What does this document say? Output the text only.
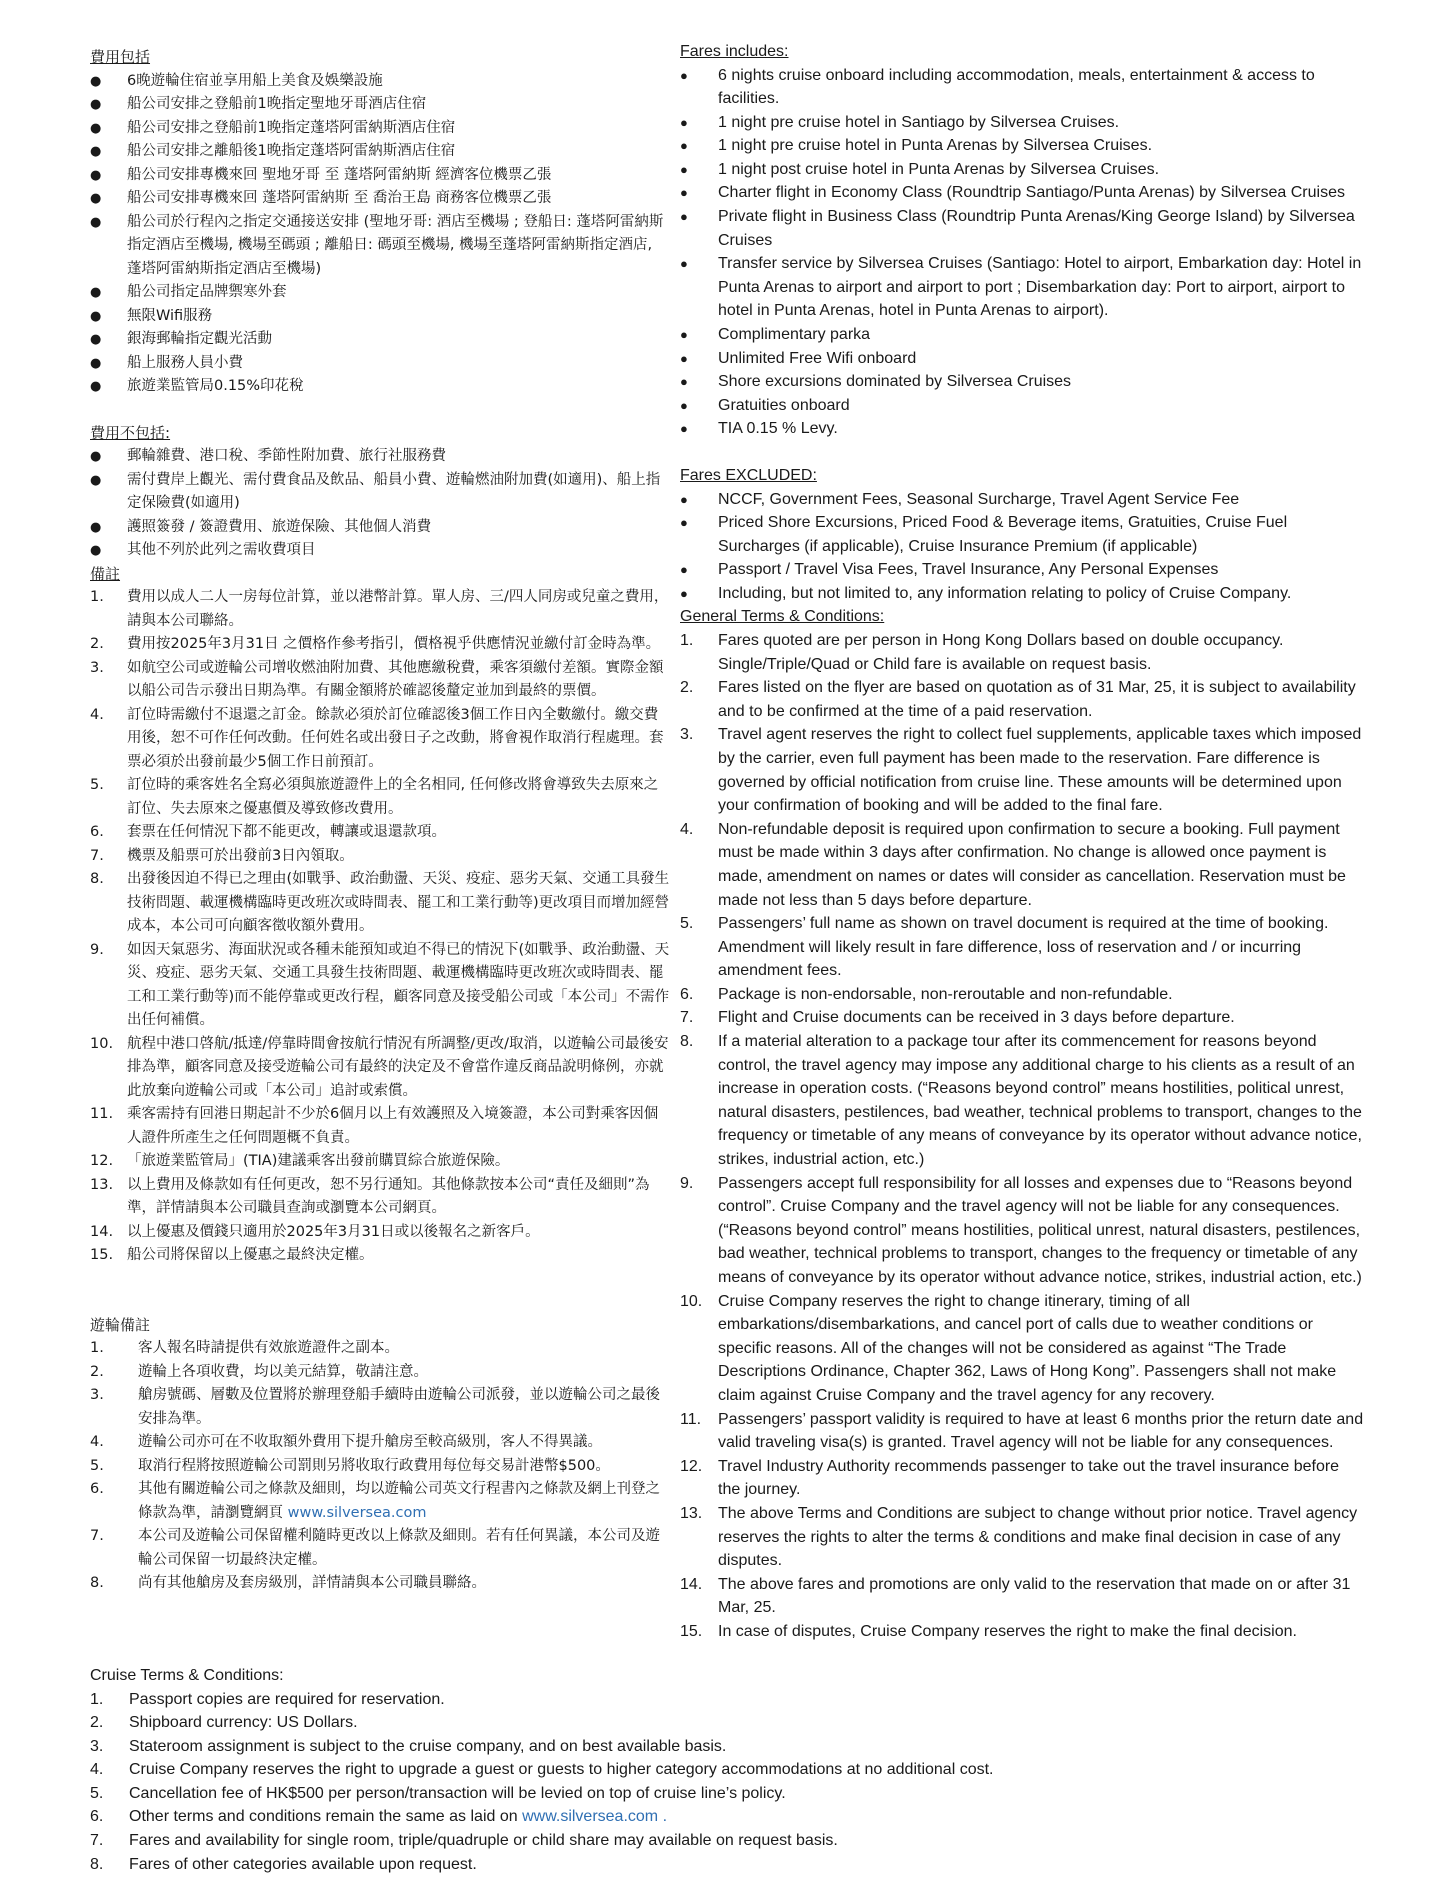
費用包括
●	6晚遊輪住宿並享用船上美食及娛樂設施
●	船公司安排之登船前1晚指定聖地牙哥酒店住宿
●	船公司安排之登船前1晚指定蓬塔阿雷納斯酒店住宿
●	船公司安排之離船後1晚指定蓬塔阿雷納斯酒店住宿
●	船公司安排專機來回 聖地牙哥 至 蓬塔阿雷納斯 經濟客位機票乙張
●	船公司安排專機來回 蓬塔阿雷納斯 至 喬治王島 商務客位機票乙張
●	船公司於行程內之指定交通接送安排 (聖地牙哥: 酒店至機場 ; 登船日: 蓬塔阿雷納斯指定酒店至機場, 機場至碼頭 ; 離船日: 碼頭至機場, 機場至蓬塔阿雷納斯指定酒店, 蓬塔阿雷納斯指定酒店至機場)
●	船公司指定品牌禦寒外套
●	無限Wifi服務
●	銀海郵輪指定觀光活動
●	船上服務人員小費
●	旅遊業監管局0.15%印花稅
費用不包括:
●	郵輪雜費、港口稅、季節性附加費、旅行社服務費
●	需付費岸上觀光、需付費食品及飲品、船員小費、遊輪燃油附加費(如適用)、船上指定保險費(如適用)
●	護照簽發 / 簽證費用、旅遊保險、其他個人消費
●	其他不列於此列之需收費項目
備註
1.	費用以成人二人一房每位計算，並以港幣計算。單人房、三/四人同房或兒童之費用，請與本公司聯絡。
2.	費用按2025年3月31日 之價格作參考指引，價格視乎供應情況並繳付訂金時為準。
3.	如航空公司或遊輪公司增收燃油附加費、其他應繳稅費，乘客須繳付差額。實際金額以船公司告示發出日期為準。有關金額將於確認後釐定並加到最終的票價。
4.	訂位時需繳付不退還之訂金。餘款必須於訂位確認後3個工作日內全數繳付。繳交費用後，恕不可作任何改動。任何姓名或出發日子之改動，將會視作取消行程處理。套票必須於出發前最少5個工作日前預訂。
5.	訂位時的乘客姓名全寫必須與旅遊證件上的全名相同, 任何修改將會導致失去原來之訂位、失去原來之優惠價及導致修改費用。
6.	套票在任何情況下都不能更改，轉讓或退還款項。
7.	機票及船票可於出發前3日內領取。
8.	出發後因迫不得已之理由(如戰爭、政治動盪、天災、疫症、惡劣天氣、交通工具發生技術問題、載運機構臨時更改班次或時間表、罷工和工業行動等)更改項目而增加經營成本，本公司可向顧客徵收額外費用。
9.	如因天氣惡劣、海面狀況或各種未能預知或迫不得已的情況下(如戰爭、政治動盪、天災、疫症、惡劣天氣、交通工具發生技術問題、載運機構臨時更改班次或時間表、罷工和工業行動等)而不能停靠或更改行程，顧客同意及接受船公司或「本公司」不需作出任何補償。
10. 航程中港口啓航/抵達/停靠時間會按航行情況有所調整/更改/取消，以遊輪公司最後安排為準，顧客同意及接受遊輪公司有最終的決定及不會當作違反商品說明條例，亦就此放棄向遊輪公司或「本公司」追討或索償。
11. 乘客需持有回港日期起計不少於6個月以上有效護照及入境簽證，本公司對乘客因個人證件所產生之任何問題概不負責。
12. 「旅遊業監管局」(TIA)建議乘客出發前購買綜合旅遊保險。
13. 以上費用及條款如有任何更改，恕不另行通知。其他條款按本公司“責任及細則”為準，詳情請與本公司職員查詢或瀏覽本公司網頁。
14. 以上優惠及價錢只適用於2025年3月31日或以後報名之新客戶。
15. 船公司將保留以上優惠之最終決定權。
遊輪備註
1.	客人報名時請提供有效旅遊證件之副本。
2.	遊輪上各項收費，均以美元結算，敬請注意。
3.	艙房號碼、層數及位置將於辦理登船手續時由遊輪公司派發，並以遊輪公司之最後安排為準。
4.	遊輪公司亦可在不收取額外費用下提升艙房至較高級別，客人不得異議。
5.	取消行程將按照遊輪公司罰則另將收取行政費用每位每交易計港幣$500。
6.	其他有關遊輪公司之條款及細則，均以遊輪公司英文行程書內之條款及網上刊登之條款為準，請瀏覽網頁 www.silversea.com
7.	本公司及遊輪公司保留權利隨時更改以上條款及細則。若有任何異議，本公司及遊輪公司保留一切最終決定權。
8.	尚有其他艙房及套房級別，詳情請與本公司職員聯絡。
Fares includes:
●	6 nights cruise onboard including accommodation, meals, entertainment & access to facilities.
●	1 night pre cruise hotel in Santiago by Silversea Cruises.
●	1 night pre cruise hotel in Punta Arenas by Silversea Cruises.
●	1 night post cruise hotel in Punta Arenas by Silversea Cruises.
●	Charter flight in Economy Class (Roundtrip Santiago/Punta Arenas) by Silversea Cruises
●	Private flight in Business Class (Roundtrip Punta Arenas/King George Island) by Silversea Cruises
●	Transfer service by Silversea Cruises (Santiago: Hotel to airport, Embarkation day: Hotel in Punta Arenas to airport and airport to port ; Disembarkation day: Port to airport, airport to hotel in Punta Arenas, hotel in Punta Arenas to airport).
●	Complimentary parka
●	Unlimited Free Wifi onboard
●	Shore excursions dominated by Silversea Cruises
●	Gratuities onboard
●	TIA 0.15 % Levy.
Fares EXCLUDED:
●	NCCF, Government Fees, Seasonal Surcharge, Travel Agent Service Fee
●	Priced Shore Excursions, Priced Food & Beverage items, Gratuities, Cruise Fuel Surcharges (if applicable), Cruise Insurance Premium (if applicable)
●	Passport / Travel Visa Fees, Travel Insurance, Any Personal Expenses
●	Including, but not limited to, any information relating to policy of Cruise Company.
General Terms & Conditions:
1.	Fares quoted are per person in Hong Kong Dollars based on double occupancy. Single/Triple/Quad or Child fare is available on request basis.
2.	Fares listed on the flyer are based on quotation as of 31 Mar, 25, it is subject to availability and to be confirmed at the time of a paid reservation.
3.	Travel agent reserves the right to collect fuel supplements, applicable taxes which imposed by the carrier, even full payment has been made to the reservation. Fare difference is governed by official notification from cruise line. These amounts will be determined upon your confirmation of booking and will be added to the final fare.
4.	Non-refundable deposit is required upon confirmation to secure a booking. Full payment must be made within 3 days after confirmation. No change is allowed once payment is made, amendment on names or dates will consider as cancellation. Reservation must be made not less than 5 days before departure.
5.	Passengers’ full name as shown on travel document is required at the time of booking. Amendment will likely result in fare difference, loss of reservation and / or incurring amendment fees.
6.	Package is non-endorsable, non-reroutable and non-refundable.
7.	Flight and Cruise documents can be received in 3 days before departure.
8.	If a material alteration to a package tour after its commencement for reasons beyond control, the travel agency may impose any additional charge to his clients as a result of an increase in operation costs. (“Reasons beyond control” means hostilities, political unrest, natural disasters, pestilences, bad weather, technical problems to transport, changes to the frequency or timetable of any means of conveyance by its operator without advance notice, strikes, industrial action, etc.)
9.	Passengers accept full responsibility for all losses and expenses due to “Reasons beyond control”. Cruise Company and the travel agency will not be liable for any consequences. (“Reasons beyond control” means hostilities, political unrest, natural disasters, pestilences, bad weather, technical problems to transport, changes to the frequency or timetable of any means of conveyance by its operator without advance notice, strikes, industrial action, etc.)
10. Cruise Company reserves the right to change itinerary, timing of all embarkations/disembarkations, and cancel port of calls due to weather conditions or specific reasons. All of the changes will not be considered as against “The Trade Descriptions Ordinance, Chapter 362, Laws of Hong Kong”. Passengers shall not make claim against Cruise Company and the travel agency for any recovery.
11.	Passengers’ passport validity is required to have at least 6 months prior the return date and valid traveling visa(s) is granted. Travel agency will not be liable for any consequences.
12. Travel Industry Authority recommends passenger to take out the travel insurance before the journey.
13. The above Terms and Conditions are subject to change without prior notice. Travel agency reserves the rights to alter the terms & conditions and make final decision in case of any disputes.
14. The above fares and promotions are only valid to the reservation that made on or after 31 Mar, 25.
15. In case of disputes, Cruise Company reserves the right to make the final decision.
Cruise Terms & Conditions:
1.	Passport copies are required for reservation.
2.	Shipboard currency: US Dollars.
3.	Stateroom assignment is subject to the cruise company, and on best available basis.
4.	Cruise Company reserves the right to upgrade a guest or guests to higher category accommodations at no additional cost.
5.	Cancellation fee of HK$500 per person/transaction will be levied on top of cruise line’s policy.
6.	Other terms and conditions remain the same as laid on www.silversea.com .
7.	Fares and availability for single room, triple/quadruple or child share may available on request basis.
8.	Fares of other categories available upon request.
